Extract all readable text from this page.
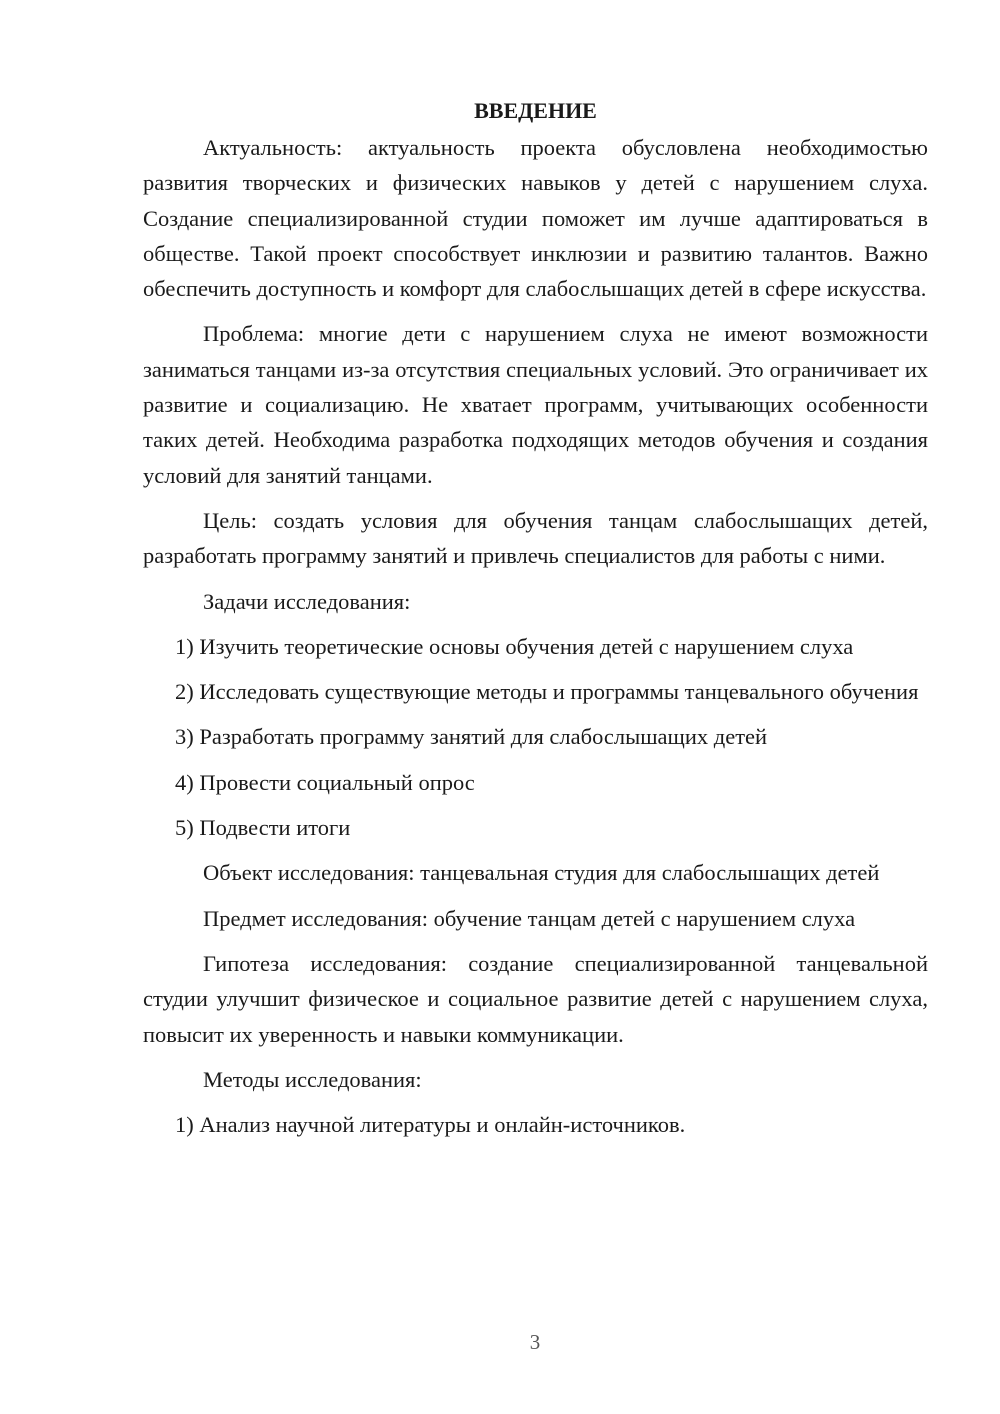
ВВЕДЕНИЕ

Актуальность: актуальность проекта обусловлена необходимостью развития творческих и физических навыков у детей с нарушением слуха. Создание специализированной студии поможет им лучше адаптироваться в обществе. Такой проект способствует инклюзии и развитию талантов. Важно обеспечить доступность и комфорт для слабослышащих детей в сфере искусства.

Проблема: многие дети с нарушением слуха не имеют возможности заниматься танцами из-за отсутствия специальных условий. Это ограничивает их развитие и социализацию. Не хватает программ, учитывающих особенности таких детей. Необходима разработка подходящих методов обучения и создания условий для занятий танцами.

Цель: создать условия для обучения танцам слабослышащих детей, разработать программу занятий и привлечь специалистов для работы с ними.

Задачи исследования:

1) Изучить теоретические основы обучения детей с нарушением слуха

2) Исследовать существующие методы и программы танцевального обучения

3) Разработать программу занятий для слабослышащих детей

4) Провести социальный опрос

5) Подвести итоги

Объект исследования: танцевальная студия для слабослышащих детей

Предмет исследования: обучение танцам детей с нарушением слуха

Гипотеза исследования: создание специализированной танцевальной студии улучшит физическое и социальное развитие детей с нарушением слуха, повысит их уверенность и навыки коммуникации.

Методы исследования:

1) Анализ научной литературы и онлайн-источников.

3
